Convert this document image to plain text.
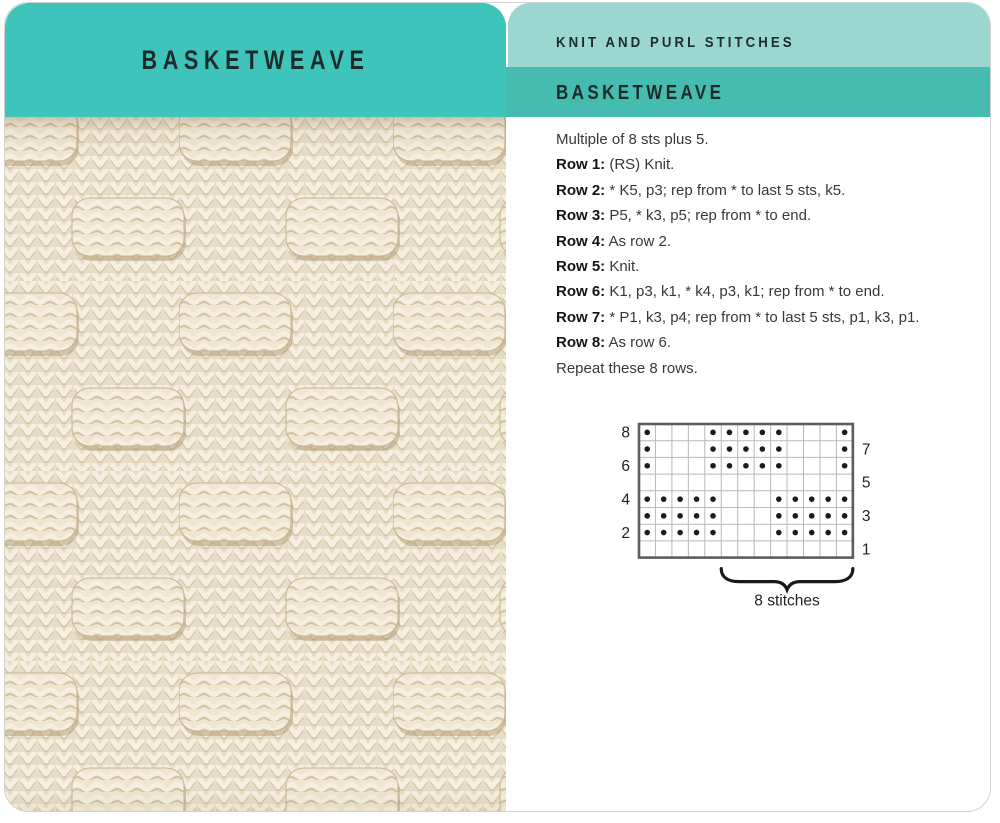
BASKETWEAVE
KNIT AND PURL STITCHES
BASKETWEAVE
Multiple of 8 sts plus 5.
Row 1: (RS) Knit.
Row 2: * K5, p3; rep from * to last 5 sts, k5.
Row 3: P5, * k3, p5; rep from * to end.
Row 4: As row 2.
Row 5: Knit.
Row 6: K1, p3, k1, * k4, p3, k1; rep from * to end.
Row 7: * P1, k3, p4; rep from * to last 5 sts, p1, k3, p1.
Row 8: As row 6.
Repeat these 8 rows.
8
6
4
2
7
5
3
1
8 stitches
